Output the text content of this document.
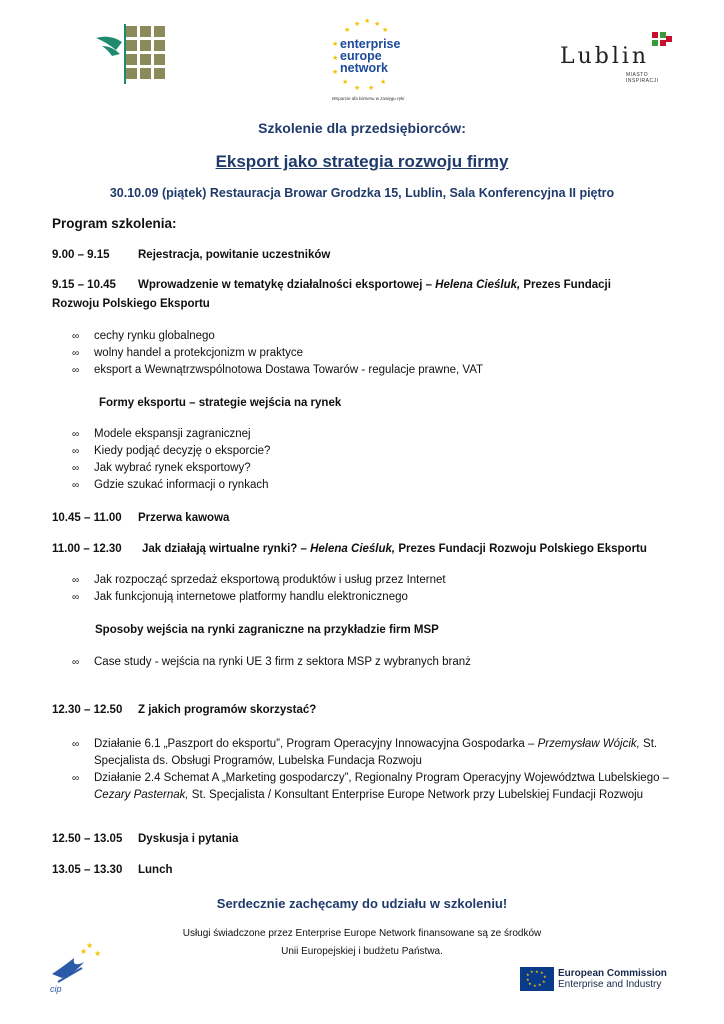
★ ★ ★
★	★
★
★
★
★
★ ★
★
enterprise
europe
network
Wsparcie dla biznesu w zasięgu ręki
Lublin
MIASTO INSPIRACJI
Szkolenie dla przedsiębiorców:
Eksport jako strategia rozwoju firmy
30.10.09 (piątek) Restauracja Browar Grodzka 15, Lublin, Sala Konferencyjna II piętro
Program szkolenia:
9.00 – 9.15 Rejestracja, powitanie uczestników
9.15 – 10.45 Wprowadzenie w tematykę działalności eksportowej – Helena Cieśluk, Prezes Fundacji Rozwoju Polskiego Eksportu
∞ cechy rynku globalnego
∞ wolny handel a protekcjonizm w praktyce
∞ eksport a Wewnątrzwspólnotowa Dostawa Towarów - regulacje prawne, VAT
Formy eksportu – strategie wejścia na rynek
∞ Modele ekspansji zagranicznej
∞ Kiedy podjąć decyzję o eksporcie?
∞ Jak wybrać rynek eksportowy?
∞ Gdzie szukać informacji o rynkach
10.45 – 11.00 Przerwa kawowa
11.00 – 12.30 Jak działają wirtualne rynki? – Helena Cieśluk, Prezes Fundacji Rozwoju Polskiego Eksportu
∞ Jak rozpocząć sprzedaż eksportową produktów i usług przez Internet
∞ Jak funkcjonują internetowe platformy handlu elektronicznego
Sposoby wejścia na rynki zagraniczne na przykładzie firm MSP
∞ Case study - wejścia na rynki UE 3 firm z sektora MSP z wybranych branż
12.30 – 12.50 Z jakich programów skorzystać?
∞ Działanie 6.1 „Paszport do eksportu”, Program Operacyjny Innowacyjna Gospodarka – Przemysław Wójcik, St. Specjalista ds. Obsługi Programów, Lubelska Fundacja Rozwoju
∞ Działanie 2.4 Schemat A „Marketing gospodarczy”, Regionalny Program Operacyjny Województwa Lubelskiego – Cezary Pasternak, St. Specjalista / Konsultant Enterprise Europe Network przy Lubelskiej Fundacji Rozwoju
12.50 – 13.05 Dyskusja i pytania
13.05 – 13.30 Lunch
Serdecznie zachęcamy do udziału w szkoleniu!
Usługi świadczone przez Enterprise Europe Network finansowane są ze środków
Unii Europejskiej i budżetu Państwa.
★
★
★
cip
★ ★
★
★
★
★
★
★
★
★ European Commission
Enterprise and Industry
